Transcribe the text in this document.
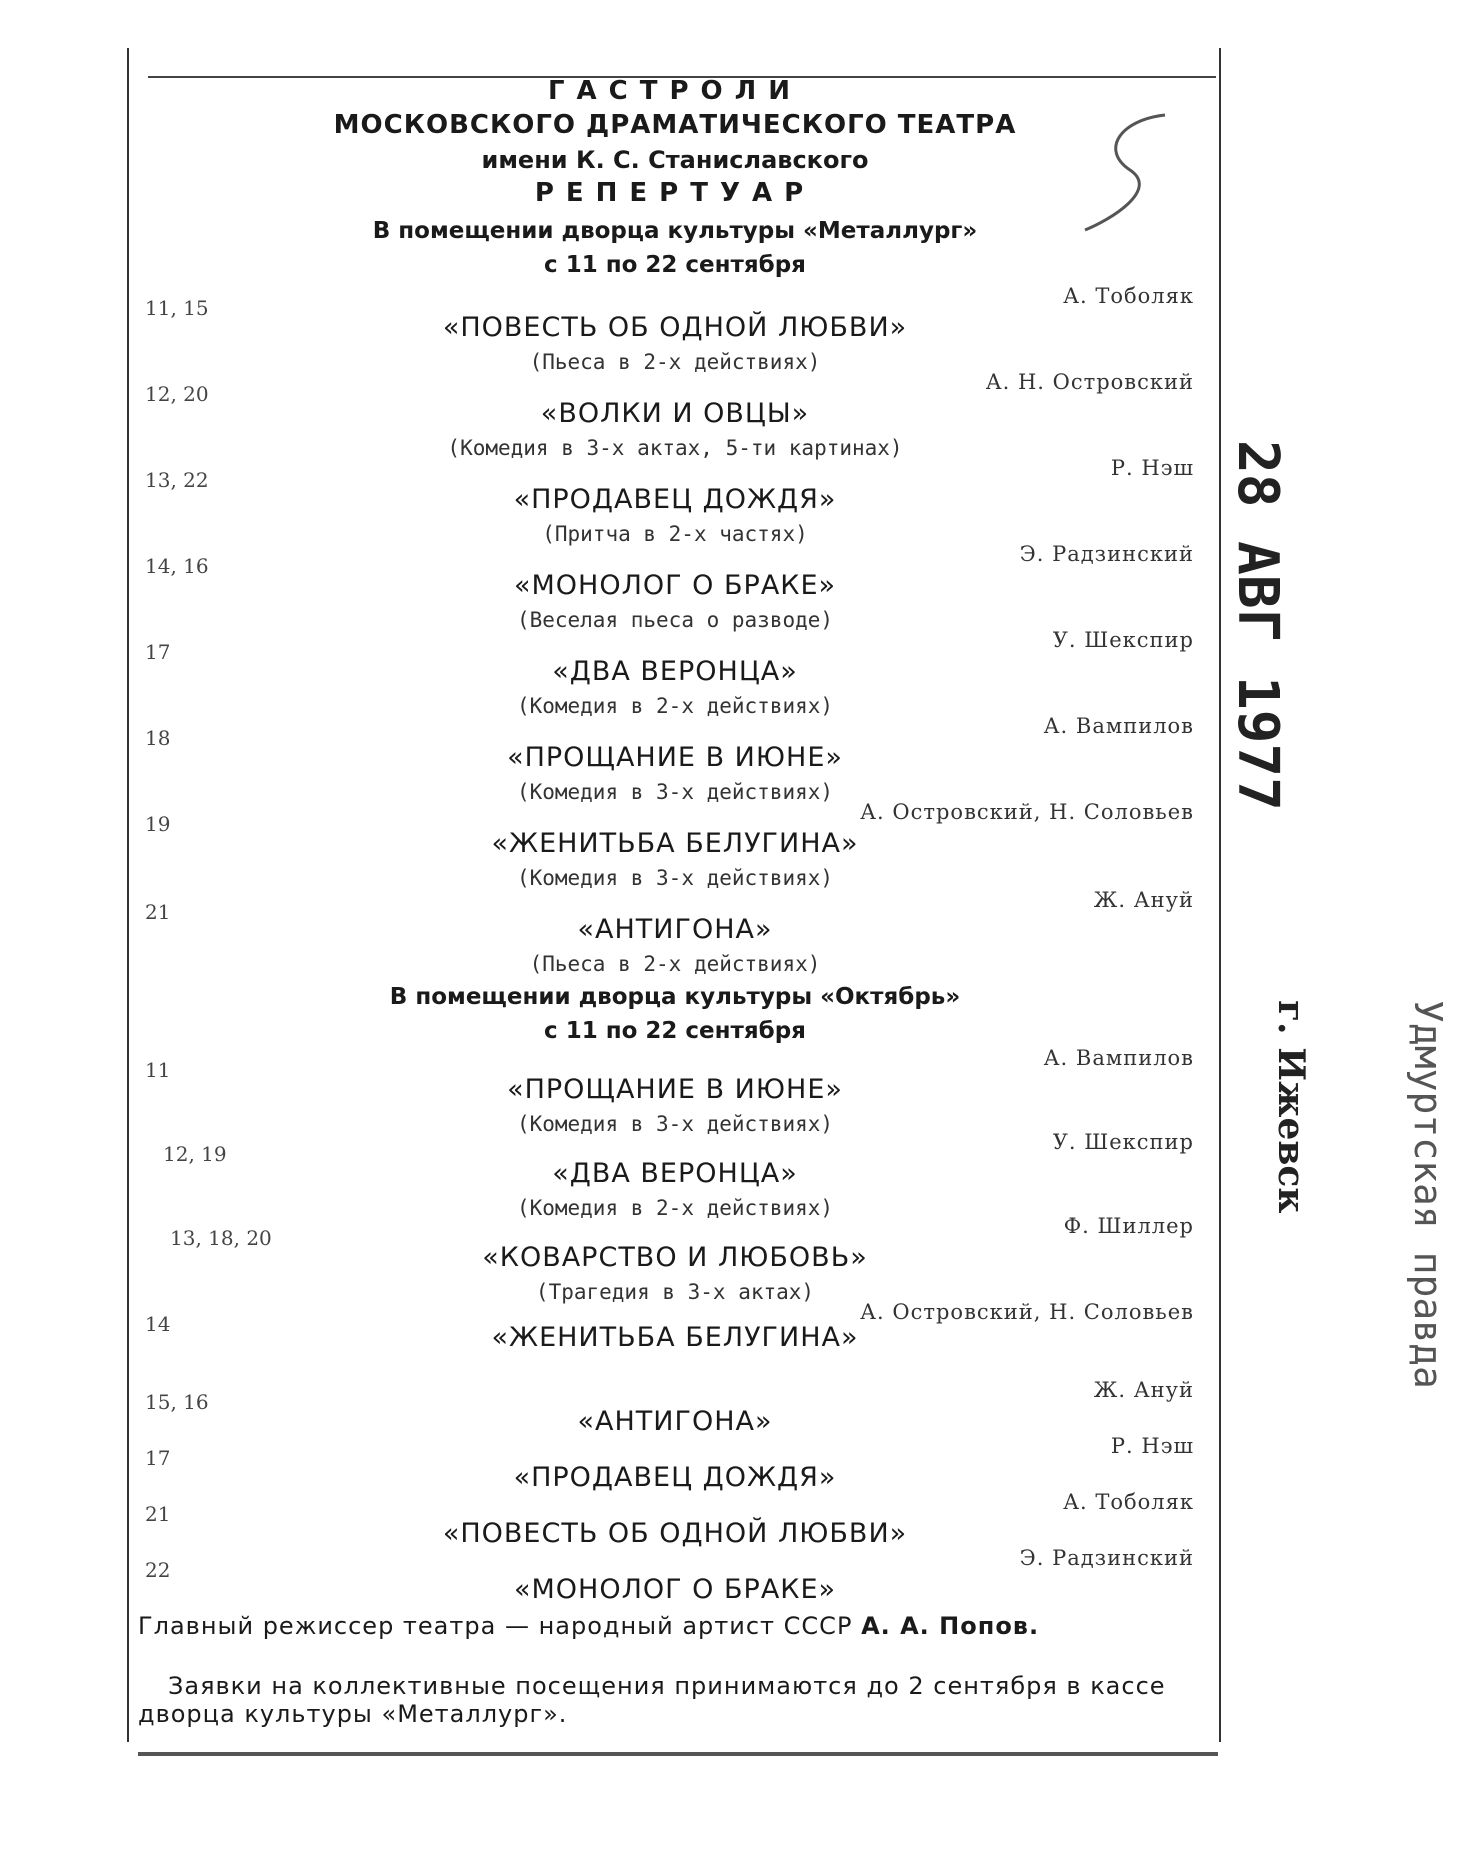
ГАСТРОЛИ
МОСКОВСКОГО ДРАМАТИЧЕСКОГО ТЕАТРА
имени К. С. Станиславского
РЕПЕРТУАР
В помещении дворца культуры «Металлург»
с 11 по 22 сентября
11, 15	А. Тоболяк
«ПОВЕСТЬ ОБ ОДНОЙ ЛЮБВИ»
(Пьеса в 2-х действиях)
12, 20	А. Н. Островский
«ВОЛКИ И ОВЦЫ»
(Комедия в 3-х актах, 5-ти картинах)
13, 22	Р. Нэш
«ПРОДАВЕЦ ДОЖДЯ»
(Притча в 2-х частях)
14, 16	Э. Радзинский
«МОНОЛОГ О БРАКЕ»
(Веселая пьеса о разводе)
17	У. Шекспир
«ДВА ВЕРОНЦА»
(Комедия в 2-х действиях)
18	А. Вампилов
«ПРОЩАНИЕ В ИЮНЕ»
(Комедия в 3-х действиях)
19	А. Островский, Н. Соловьев
«ЖЕНИТЬБА БЕЛУГИНА»
(Комедия в 3-х действиях)
21	Ж. Ануй
«АНТИГОНА»
(Пьеса в 2-х действиях)
В помещении дворца культуры «Октябрь»
с 11 по 22 сентября
11	А. Вампилов
«ПРОЩАНИЕ В ИЮНЕ»
(Комедия в 3-х действиях)
12, 19	У. Шекспир
«ДВА ВЕРОНЦА»
(Комедия в 2-х действиях)
13, 18, 20	Ф. Шиллер
«КОВАРСТВО И ЛЮБОВЬ»
(Трагедия в 3-х актах)
14	А. Островский, Н. Соловьев
«ЖЕНИТЬБА БЕЛУГИНА»
15, 16	Ж. Ануй
«АНТИГОНА»
17	Р. Нэш
«ПРОДАВЕЦ ДОЖДЯ»
21	А. Тоболяк
«ПОВЕСТЬ ОБ ОДНОЙ ЛЮБВИ»
22	Э. Радзинский
«МОНОЛОГ О БРАКЕ»
Главный режиссер театра — народный артист СССР А. А. Попов.
Заявки на коллективные посещения принимаются до 2 сентября в кассе дворца культуры «Металлург».
28 АВГ 1977
Удмуртская правда
г. Ижевск
